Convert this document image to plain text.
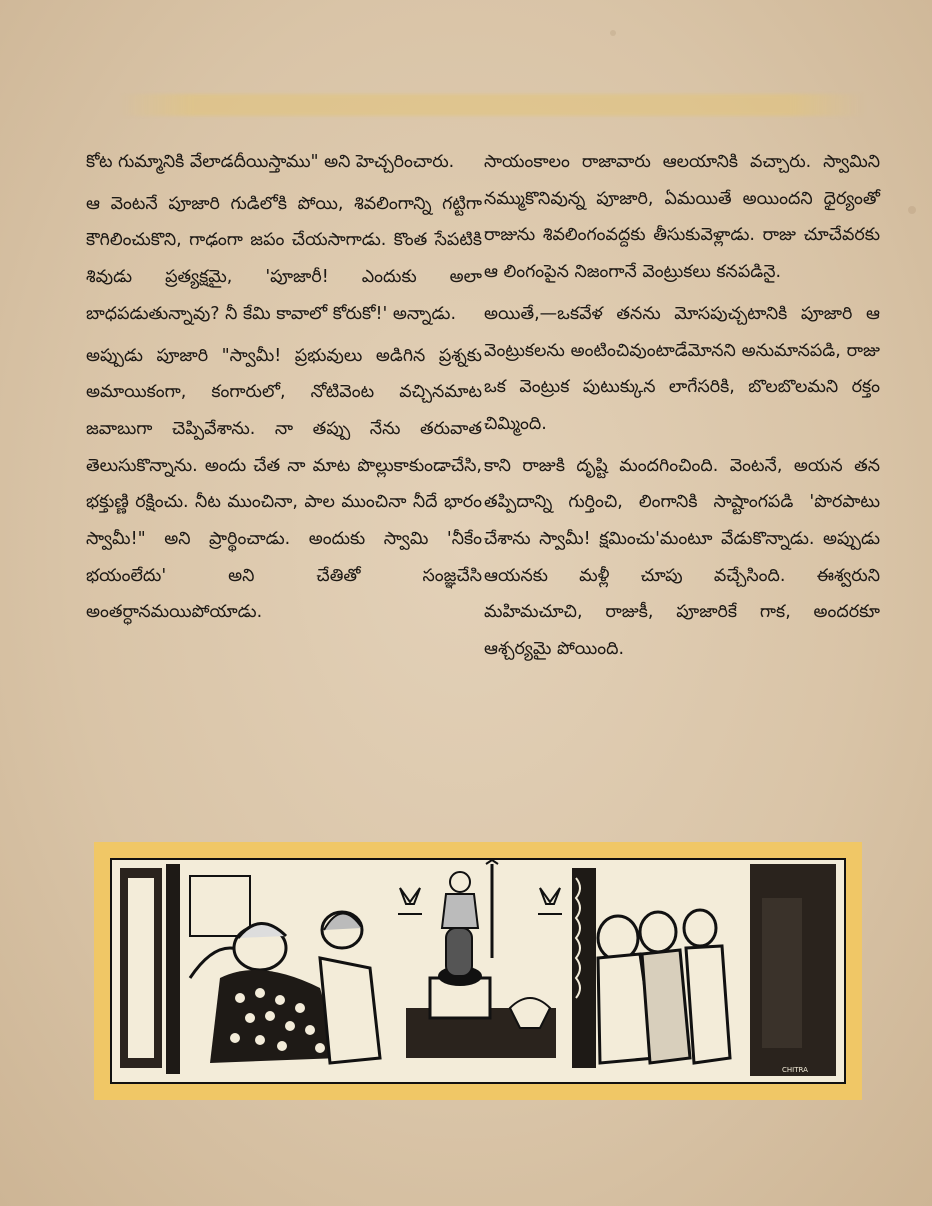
కోట గుమ్మానికి వేలాడదీయిస్తాము" అని హెచ్చరించారు.

ఆ వెంటనే పూజారి గుడిలోకి పోయి, శివలింగాన్ని గట్టిగా కౌగిలించుకొని, గాఢంగా జపం చేయసాగాడు. కొంత సేపటికి శివుడు ప్రత్యక్షమై, 'పూజారీ! ఎందుకు అలా బాధపడుతున్నావు? నీ కేమి కావాలో కోరుకో!' అన్నాడు.

అప్పుడు పూజారి "స్వామీ! ప్రభువులు అడిగిన ప్రశ్నకు అమాయికంగా, కంగారులో, నోటివెంట వచ్చినమాట జవాబుగా చెప్పివేశాను. నా తప్పు నేను తరువాత తెలుసుకొన్నాను. అందు చేత నా మాట పొల్లుకాకుండాచేసి, భక్తుణ్ణి రక్షించు. నీట ముంచినా, పాల ముంచినా నీదే భారం స్వామీ!" అని ప్రార్థించాడు. అందుకు స్వామి 'నీకేం భయంలేదు' అని చేతితో సంజ్ఞచేసి అంతర్ధానమయిపోయాడు.

సాయంకాలం రాజావారు ఆలయానికి వచ్చారు. స్వామిని నమ్ముకొనివున్న పూజారి, ఏమయితే అయిందని ధైర్యంతో రాజును శివలింగంవద్దకు తీసుకువెళ్లాడు. రాజు చూచేవరకు ఆ లింగంపైన నిజంగానే వెంట్రుకలు కనపడినై.

అయితే,—ఒకవేళ తనను మోసపుచ్చటానికి పూజారి ఆ వెంట్రుకలను అంటించివుంటాడేమోనని అనుమానపడి, రాజు ఒక వెంట్రుక పుటుక్కున లాగేసరికి, బొలబొలమని రక్తం చిమ్మింది.

కాని రాజుకి దృష్టి మందగించింది. వెంటనే, అయన తన తప్పిదాన్ని గుర్తించి, లింగానికి సాష్టాంగపడి 'పొరపాటు చేశాను స్వామీ! క్షమించు'మంటూ వేడుకొన్నాడు. అప్పుడు ఆయనకు మళ్లీ చూపు వచ్చేసింది. ఈశ్వరుని మహిమచూచి, రాజుకీ, పూజారికే గాక, అందరకూ ఆశ్చర్యమై పోయింది.

CHITRA
